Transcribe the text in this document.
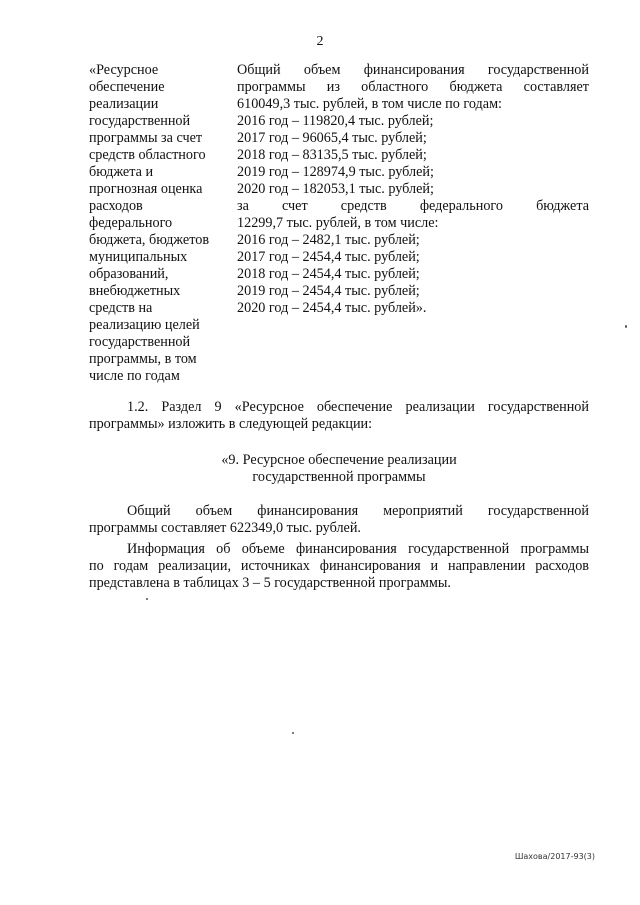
2
«Ресурсное
обеспечение
реализации
государственной
программы за счет
средств областного
бюджета и
прогнозная оценка
расходов
федерального
бюджета, бюджетов
муниципальных
образований,
внебюджетных
средств на
реализацию целей
государственной
программы, в том
числе по годам
Общий объем финансирования государственной
программы из областного бюджета составляет
610049,3 тыс. рублей, в том числе по годам:
2016 год – 119820,4 тыс. рублей;
2017 год – 96065,4 тыс. рублей;
2018 год – 83135,5 тыс. рублей;
2019 год – 128974,9 тыс. рублей;
2020 год – 182053,1 тыс. рублей;
за счет средств федерального бюджета
12299,7 тыс. рублей, в том числе:
2016 год – 2482,1 тыс. рублей;
2017 год – 2454,4 тыс. рублей;
2018 год – 2454,4 тыс. рублей;
2019 год – 2454,4 тыс. рублей;
2020 год – 2454,4 тыс. рублей».
1.2. Раздел 9 «Ресурсное обеспечение реализации государственной
программы» изложить в следующей редакции:
«9. Ресурсное обеспечение реализации
государственной программы
Общий объем финансирования мероприятий государственной
программы составляет 622349,0 тыс. рублей.
Информация об объеме финансирования государственной программы
по годам реализации, источниках финансирования и направлении расходов
представлена в таблицах 3 – 5 государственной программы.
Шахова/2017-93(3)
